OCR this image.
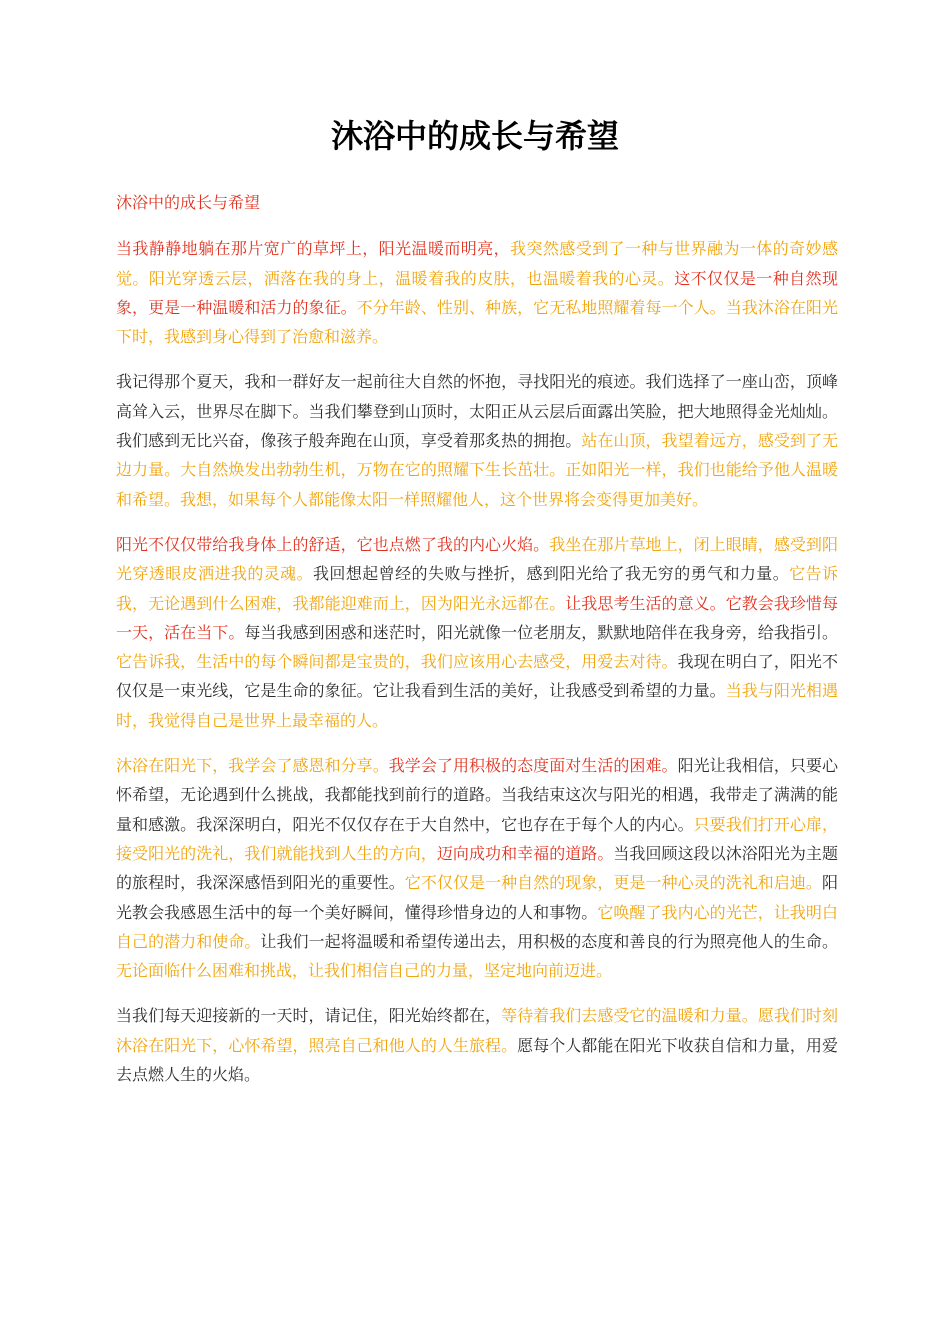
沐浴中的成长与希望

沐浴中的成长与希望

当我静静地躺在那片宽广的草坪上，阳光温暖而明亮，我突然感受到了一种与世界融为一体的奇妙感觉。阳光穿透云层，洒落在我的身上，温暖着我的皮肤，也温暖着我的心灵。这不仅仅是一种自然现象，更是一种温暖和活力的象征。不分年龄、性别、种族，它无私地照耀着每一个人。当我沐浴在阳光下时，我感到身心得到了治愈和滋养。

我记得那个夏天，我和一群好友一起前往大自然的怀抱，寻找阳光的痕迹。我们选择了一座山峦，顶峰高耸入云，世界尽在脚下。当我们攀登到山顶时，太阳正从云层后面露出笑脸，把大地照得金光灿灿。我们感到无比兴奋，像孩子般奔跑在山顶，享受着那炙热的拥抱。站在山顶，我望着远方，感受到了无边力量。大自然焕发出勃勃生机，万物在它的照耀下生长茁壮。正如阳光一样，我们也能给予他人温暖和希望。我想，如果每个人都能像太阳一样照耀他人，这个世界将会变得更加美好。

阳光不仅仅带给我身体上的舒适，它也点燃了我的内心火焰。我坐在那片草地上，闭上眼睛，感受到阳光穿透眼皮洒进我的灵魂。我回想起曾经的失败与挫折，感到阳光给了我无穷的勇气和力量。它告诉我，无论遇到什么困难，我都能迎难而上，因为阳光永远都在。让我思考生活的意义。它教会我珍惜每一天，活在当下。每当我感到困惑和迷茫时，阳光就像一位老朋友，默默地陪伴在我身旁，给我指引。它告诉我，生活中的每个瞬间都是宝贵的，我们应该用心去感受，用爱去对待。我现在明白了，阳光不仅仅是一束光线，它是生命的象征。它让我看到生活的美好，让我感受到希望的力量。当我与阳光相遇时，我觉得自己是世界上最幸福的人。

沐浴在阳光下，我学会了感恩和分享。我学会了用积极的态度面对生活的困难。阳光让我相信，只要心怀希望，无论遇到什么挑战，我都能找到前行的道路。当我结束这次与阳光的相遇，我带走了满满的能量和感激。我深深明白，阳光不仅仅存在于大自然中，它也存在于每个人的内心。只要我们打开心扉，接受阳光的洗礼，我们就能找到人生的方向，迈向成功和幸福的道路。当我回顾这段以沐浴阳光为主题的旅程时，我深深感悟到阳光的重要性。它不仅仅是一种自然的现象，更是一种心灵的洗礼和启迪。阳光教会我感恩生活中的每一个美好瞬间，懂得珍惜身边的人和事物。它唤醒了我内心的光芒，让我明白自己的潜力和使命。让我们一起将温暖和希望传递出去，用积极的态度和善良的行为照亮他人的生命。无论面临什么困难和挑战，让我们相信自己的力量，坚定地向前迈进。

当我们每天迎接新的一天时，请记住，阳光始终都在，等待着我们去感受它的温暖和力量。愿我们时刻沐浴在阳光下，心怀希望，照亮自己和他人的人生旅程。愿每个人都能在阳光下收获自信和力量，用爱去点燃人生的火焰。
